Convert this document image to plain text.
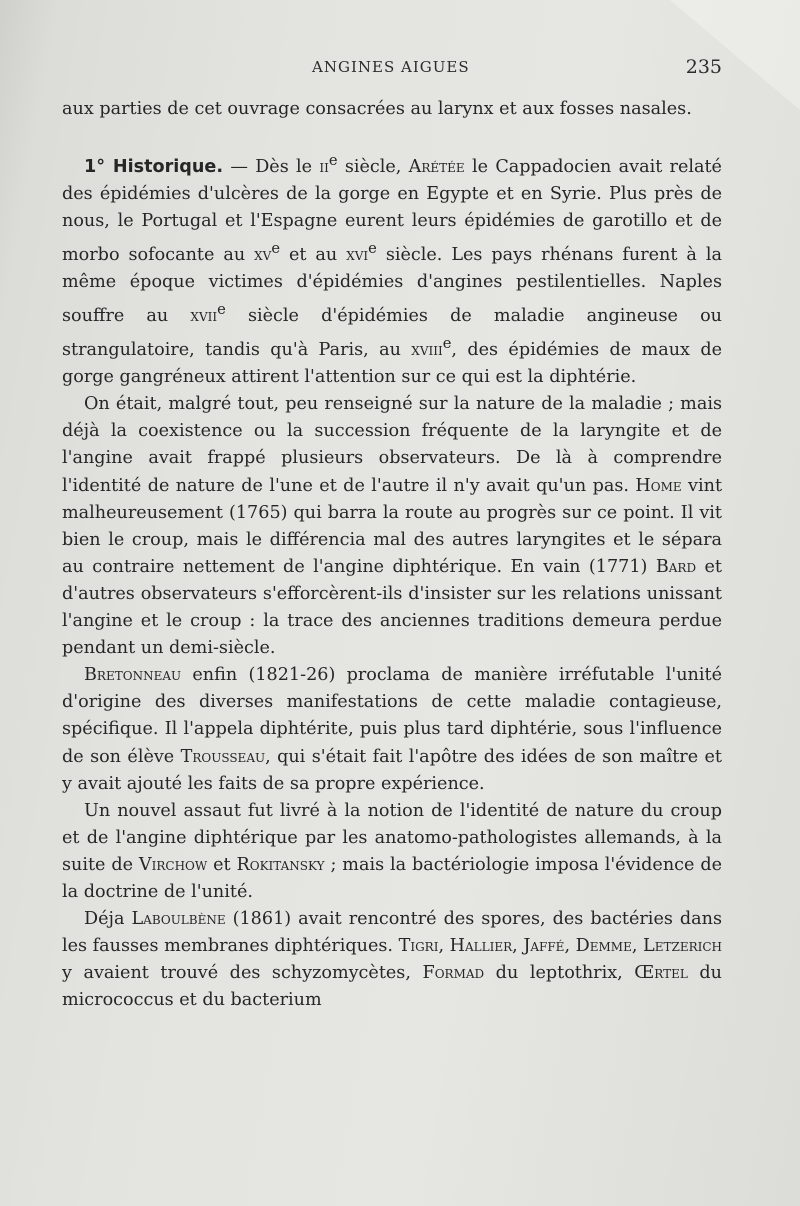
ANGINES AIGUES	235

aux parties de cet ouvrage consacrées au larynx et aux fosses nasales.

1° Historique. — Dès le $ii^e$ siècle, Arétée le Cappadocien avait relaté des épidémies d'ulcères de la gorge en Egypte et en Syrie. Plus près de nous, le Portugal et l'Espagne eurent leurs épidémies de garotillo et de morbo sofocante au $xv^e$ et au xvi$^e$ siècle. Les pays rhénans furent à la même époque victimes d'épidémies d'angines pestilentielles. Naples souffre au xvii$^e$ siècle d'épidémies de maladie angineuse ou strangulatoire, tandis qu'à Paris, au xviii$^e$, des épidémies de maux de gorge gangréneux attirent l'attention sur ce qui est la diphtérie.

On était, malgré tout, peu renseigné sur la nature de la maladie ; mais déjà la coexistence ou la succession fréquente de la laryngite et de l'angine avait frappé plusieurs observateurs. De là à comprendre l'identité de nature de l'une et de l'autre il n'y avait qu'un pas. Home vint malheureusement (1765) qui barra la route au progrès sur ce point. Il vit bien le croup, mais le différencia mal des autres laryngites et le sépara au contraire nettement de l'angine diphtérique. En vain (1771) Bard et d'autres observateurs s'efforcèrent-ils d'insister sur les relations unissant l'angine et le croup : la trace des anciennes traditions demeura perdue pendant un demi-siècle.

Bretonneau enfin (1821-26) proclama de manière irréfutable l'unité d'origine des diverses manifestations de cette maladie contagieuse, spécifique. Il l'appela diphtérite, puis plus tard diphtérie, sous l'influence de son élève Trousseau, qui s'était fait l'apôtre des idées de son maître et y avait ajouté les faits de sa propre expérience.

Un nouvel assaut fut livré à la notion de l'identité de nature du croup et de l'angine diphtérique par les anatomo-pathologistes allemands, à la suite de Virchow et Rokitansky ; mais la bactériologie imposa l'évidence de la doctrine de l'unité.

Déja Laboulbène (1861) avait rencontré des spores, des bactéries dans les fausses membranes diphtériques. Tigri, Hallier, Jaffé, Demme, Letzerich y avaient trouvé des schyzomycètes, Formad du leptothrix, Œrtel du micrococcus et du bacterium
